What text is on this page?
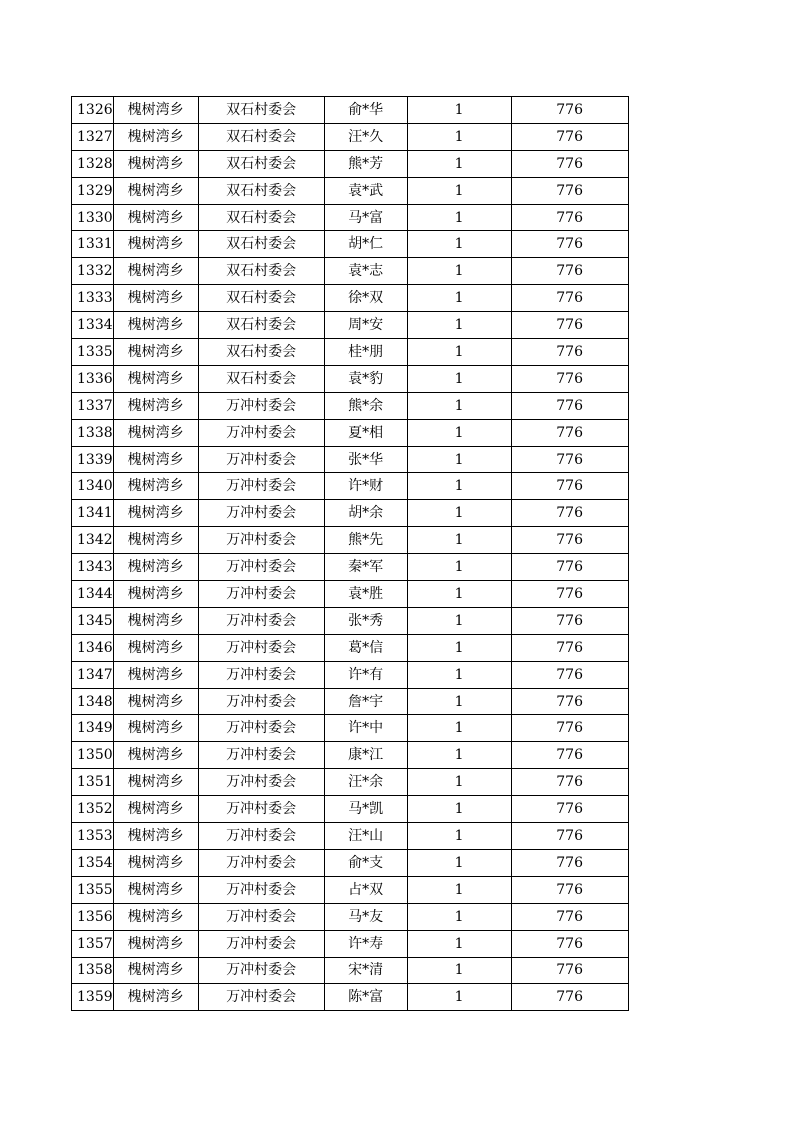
1326	槐树湾乡	双石村委会	俞*华	1	776
1327	槐树湾乡	双石村委会	汪*久	1	776
1328	槐树湾乡	双石村委会	熊*芳	1	776
1329	槐树湾乡	双石村委会	袁*武	1	776
1330	槐树湾乡	双石村委会	马*富	1	776
1331	槐树湾乡	双石村委会	胡*仁	1	776
1332	槐树湾乡	双石村委会	袁*志	1	776
1333	槐树湾乡	双石村委会	徐*双	1	776
1334	槐树湾乡	双石村委会	周*安	1	776
1335	槐树湾乡	双石村委会	桂*朋	1	776
1336	槐树湾乡	双石村委会	袁*豹	1	776
1337	槐树湾乡	万冲村委会	熊*余	1	776
1338	槐树湾乡	万冲村委会	夏*相	1	776
1339	槐树湾乡	万冲村委会	张*华	1	776
1340	槐树湾乡	万冲村委会	许*财	1	776
1341	槐树湾乡	万冲村委会	胡*余	1	776
1342	槐树湾乡	万冲村委会	熊*先	1	776
1343	槐树湾乡	万冲村委会	秦*军	1	776
1344	槐树湾乡	万冲村委会	袁*胜	1	776
1345	槐树湾乡	万冲村委会	张*秀	1	776
1346	槐树湾乡	万冲村委会	葛*信	1	776
1347	槐树湾乡	万冲村委会	许*有	1	776
1348	槐树湾乡	万冲村委会	詹*宇	1	776
1349	槐树湾乡	万冲村委会	许*中	1	776
1350	槐树湾乡	万冲村委会	康*江	1	776
1351	槐树湾乡	万冲村委会	汪*余	1	776
1352	槐树湾乡	万冲村委会	马*凯	1	776
1353	槐树湾乡	万冲村委会	汪*山	1	776
1354	槐树湾乡	万冲村委会	俞*支	1	776
1355	槐树湾乡	万冲村委会	占*双	1	776
1356	槐树湾乡	万冲村委会	马*友	1	776
1357	槐树湾乡	万冲村委会	许*寿	1	776
1358	槐树湾乡	万冲村委会	宋*清	1	776
1359	槐树湾乡	万冲村委会	陈*富	1	776
